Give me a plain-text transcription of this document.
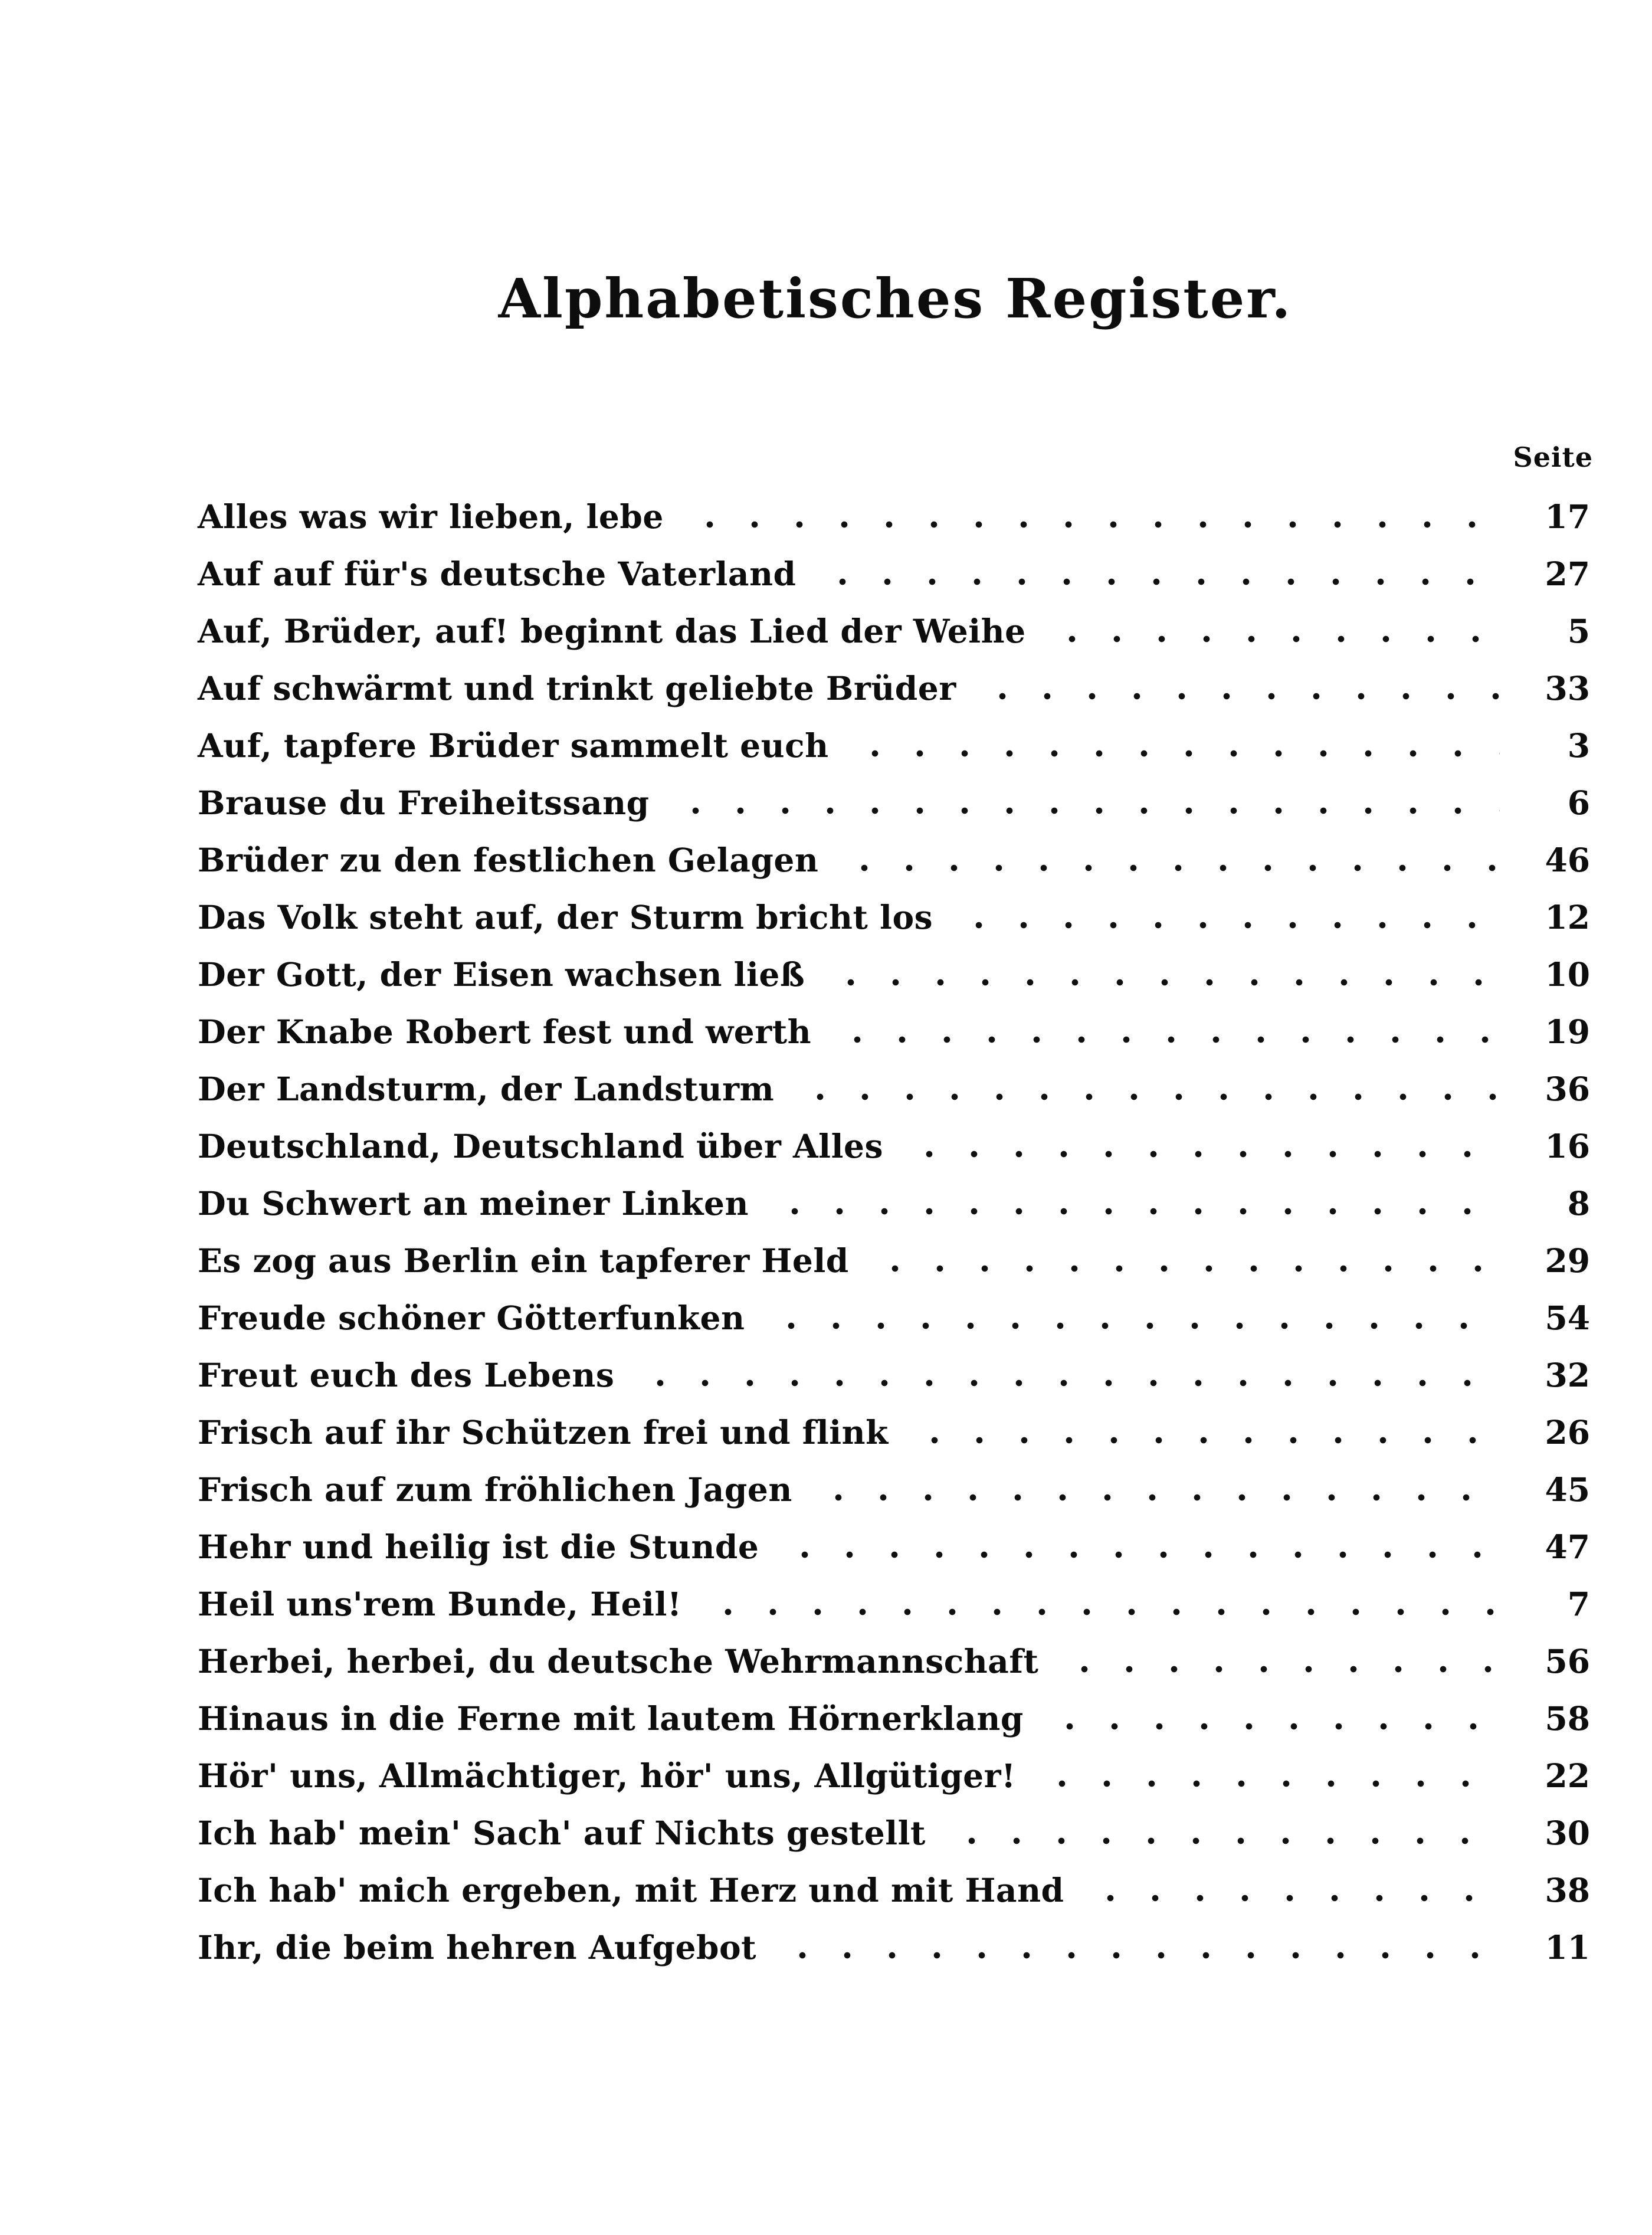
Alphabetisches Register.
Seite
Alles was wir lieben, lebe	17
Auf auf für's deutsche Vaterland	27
Auf, Brüder, auf! beginnt das Lied der Weihe	5
Auf schwärmt und trinkt geliebte Brüder	33
Auf, tapfere Brüder sammelt euch	3
Brause du Freiheitssang	6
Brüder zu den festlichen Gelagen	46
Das Volk steht auf, der Sturm bricht los	12
Der Gott, der Eisen wachsen ließ	10
Der Knabe Robert fest und werth	19
Der Landsturm, der Landsturm	36
Deutschland, Deutschland über Alles	16
Du Schwert an meiner Linken	8
Es zog aus Berlin ein tapferer Held	29
Freude schöner Götterfunken	54
Freut euch des Lebens	32
Frisch auf ihr Schützen frei und flink	26
Frisch auf zum fröhlichen Jagen	45
Hehr und heilig ist die Stunde	47
Heil uns'rem Bunde, Heil!	7
Herbei, herbei, du deutsche Wehrmannschaft	56
Hinaus in die Ferne mit lautem Hörnerklang	58
Hör' uns, Allmächtiger, hör' uns, Allgütiger!	22
Ich hab' mein' Sach' auf Nichts gestellt	30
Ich hab' mich ergeben, mit Herz und mit Hand	38
Ihr, die beim hehren Aufgebot	11
